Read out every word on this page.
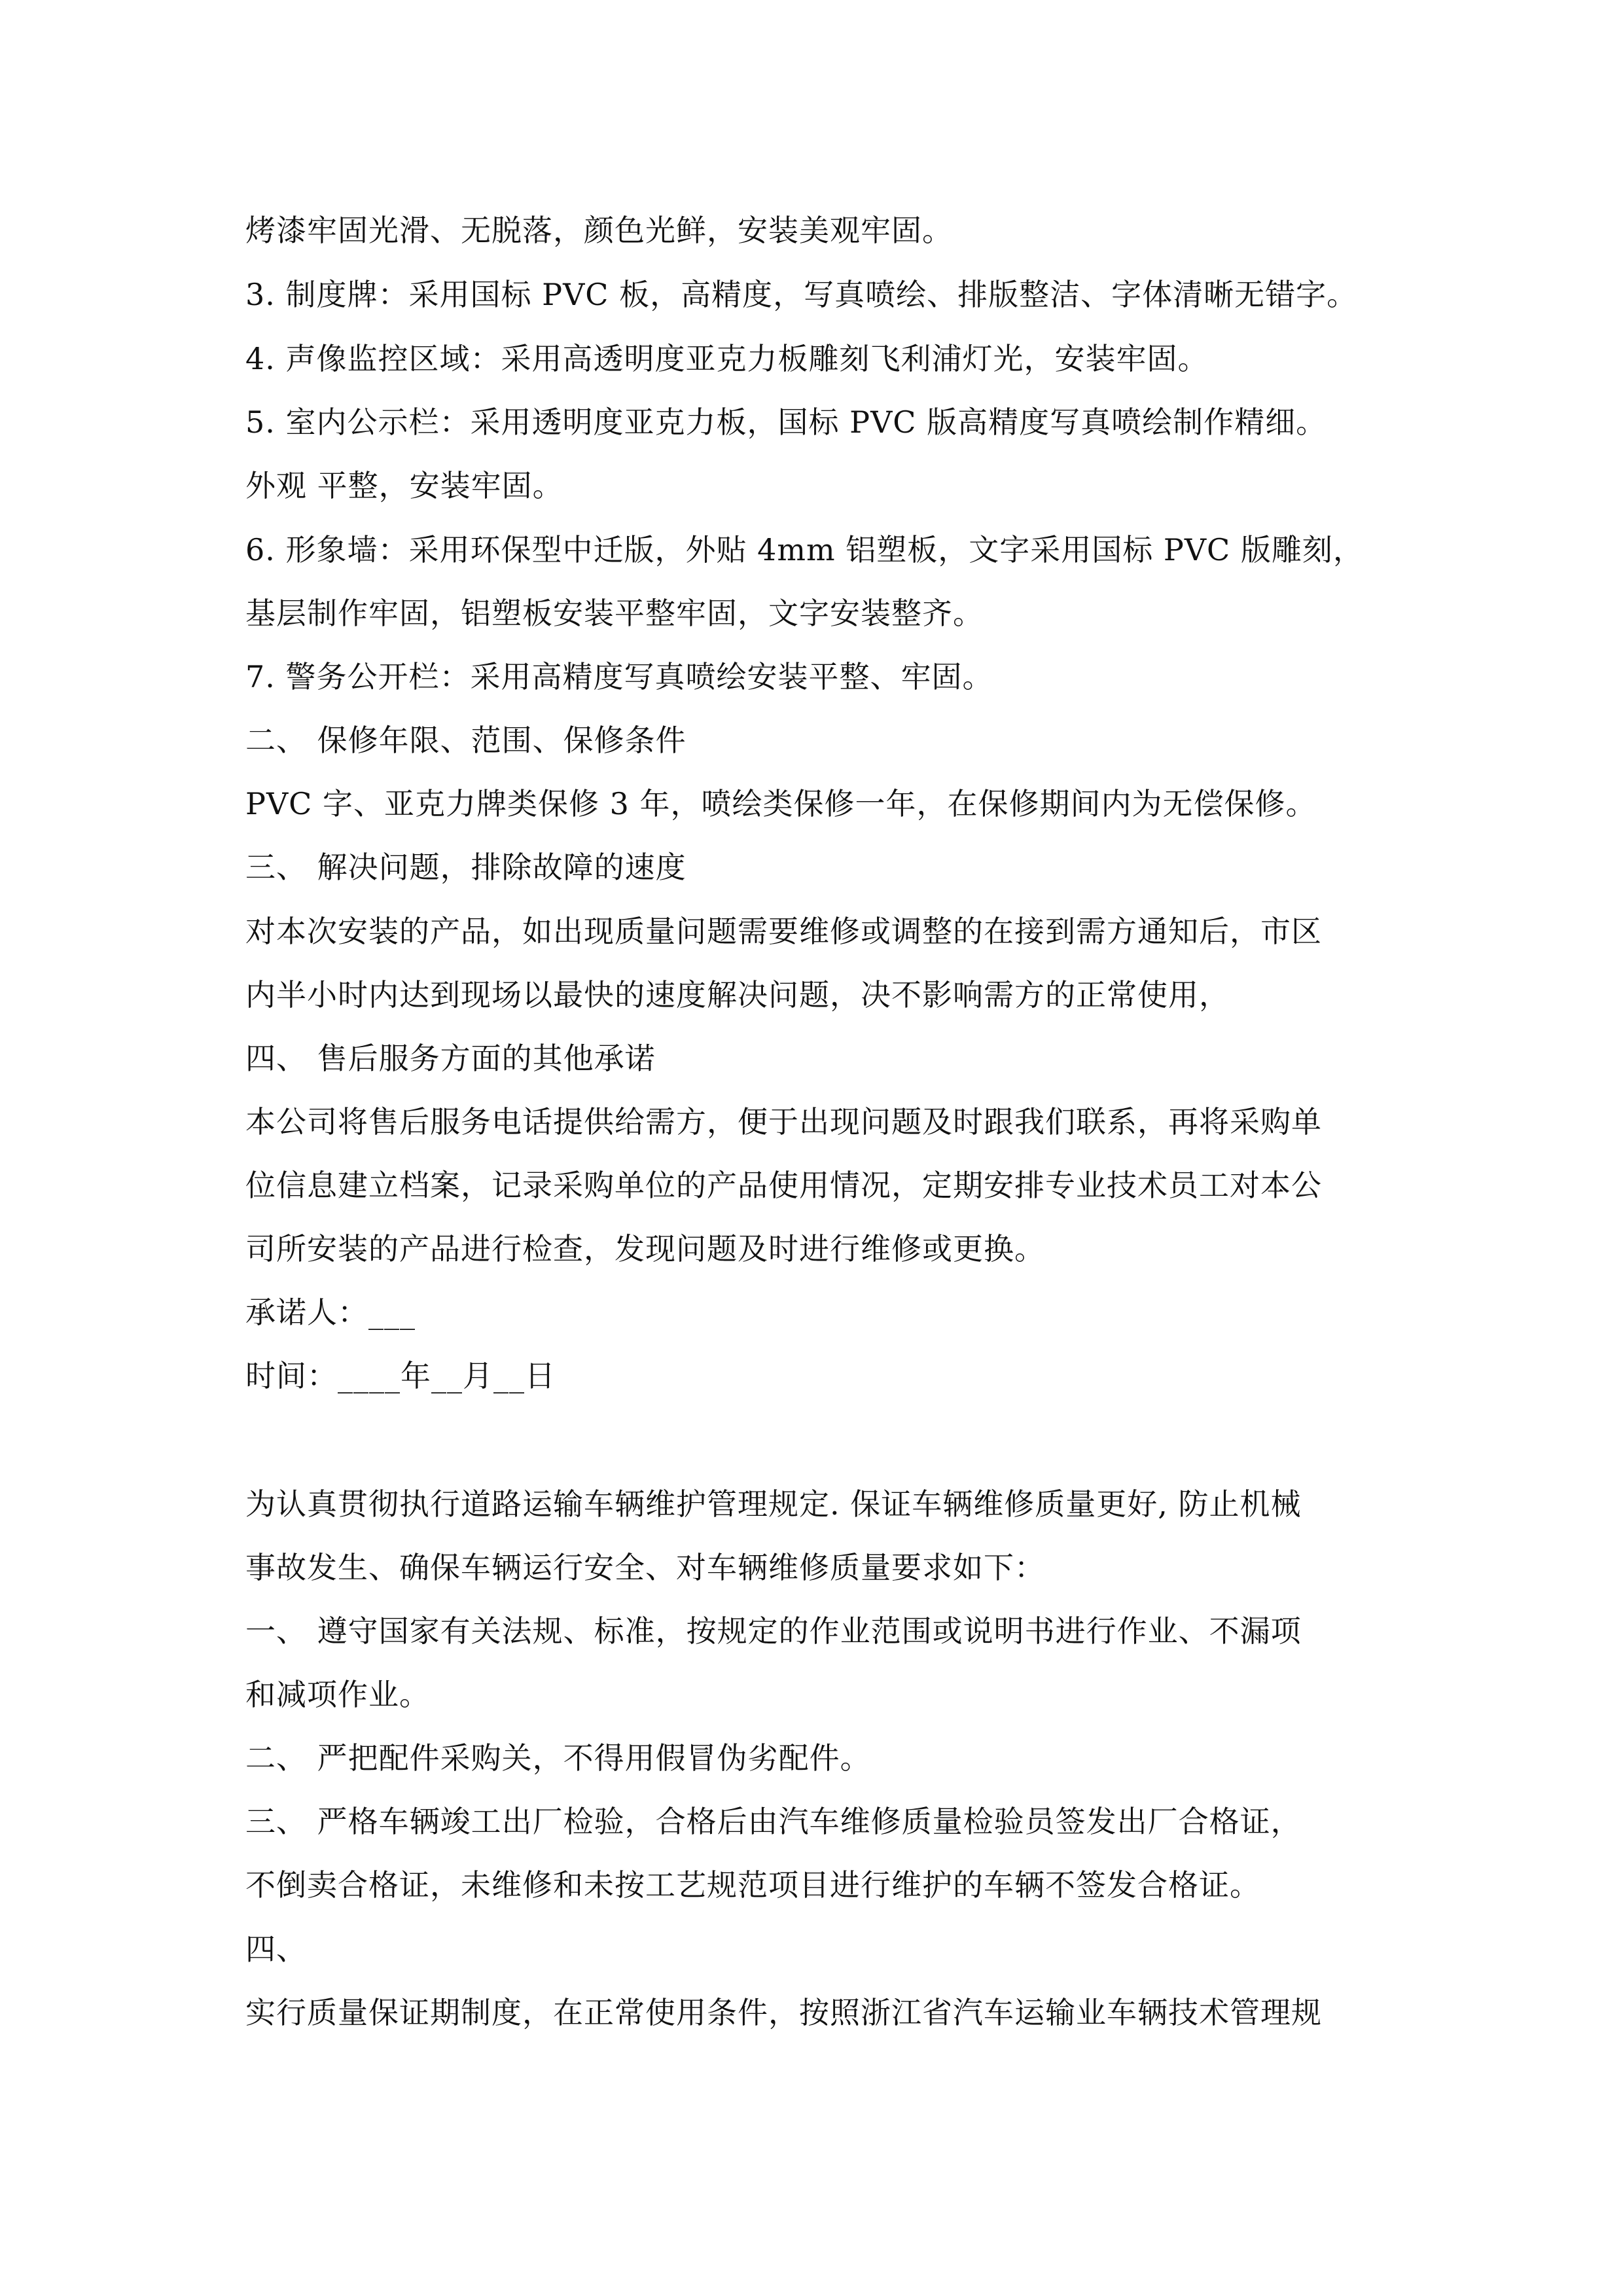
烤漆牢固光滑、无脱落，颜色光鲜，安装美观牢固。
3. 制度牌：采用国标 PVC 板，高精度，写真喷绘、排版整洁、字体清晰无错字。
4. 声像监控区域：采用高透明度亚克力板雕刻飞利浦灯光，安装牢固。
5. 室内公示栏：采用透明度亚克力板，国标 PVC 版高精度写真喷绘制作精细。
外观 平整，安装牢固。
6. 形象墙：采用环保型中迁版，外贴 4mm 铝塑板，文字采用国标 PVC 版雕刻，
基层制作牢固，铝塑板安装平整牢固，文字安装整齐。
7. 警务公开栏：采用高精度写真喷绘安装平整、牢固。
二、 保修年限、范围、保修条件
PVC 字、亚克力牌类保修 3 年，喷绘类保修一年，在保修期间内为无偿保修。
三、 解决问题，排除故障的速度
对本次安装的产品，如出现质量问题需要维修或调整的在接到需方通知后，市区
内半小时内达到现场以最快的速度解决问题，决不影响需方的正常使用，
四、 售后服务方面的其他承诺
本公司将售后服务电话提供给需方，便于出现问题及时跟我们联系，再将采购单
位信息建立档案，记录采购单位的产品使用情况，定期安排专业技术员工对本公
司所安装的产品进行检查，发现问题及时进行维修或更换。
承诺人：___
时间：____年__月__日
为认真贯彻执行道路运输车辆维护管理规定. 保证车辆维修质量更好, 防止机械
事故发生、确保车辆运行安全、对车辆维修质量要求如下：
一、 遵守国家有关法规、标准，按规定的作业范围或说明书进行作业、不漏项
和减项作业。
二、 严把配件采购关，不得用假冒伪劣配件。
三、 严格车辆竣工出厂检验，合格后由汽车维修质量检验员签发出厂合格证，
不倒卖合格证，未维修和未按工艺规范项目进行维护的车辆不签发合格证。
四、
实行质量保证期制度，在正常使用条件，按照浙江省汽车运输业车辆技术管理规
